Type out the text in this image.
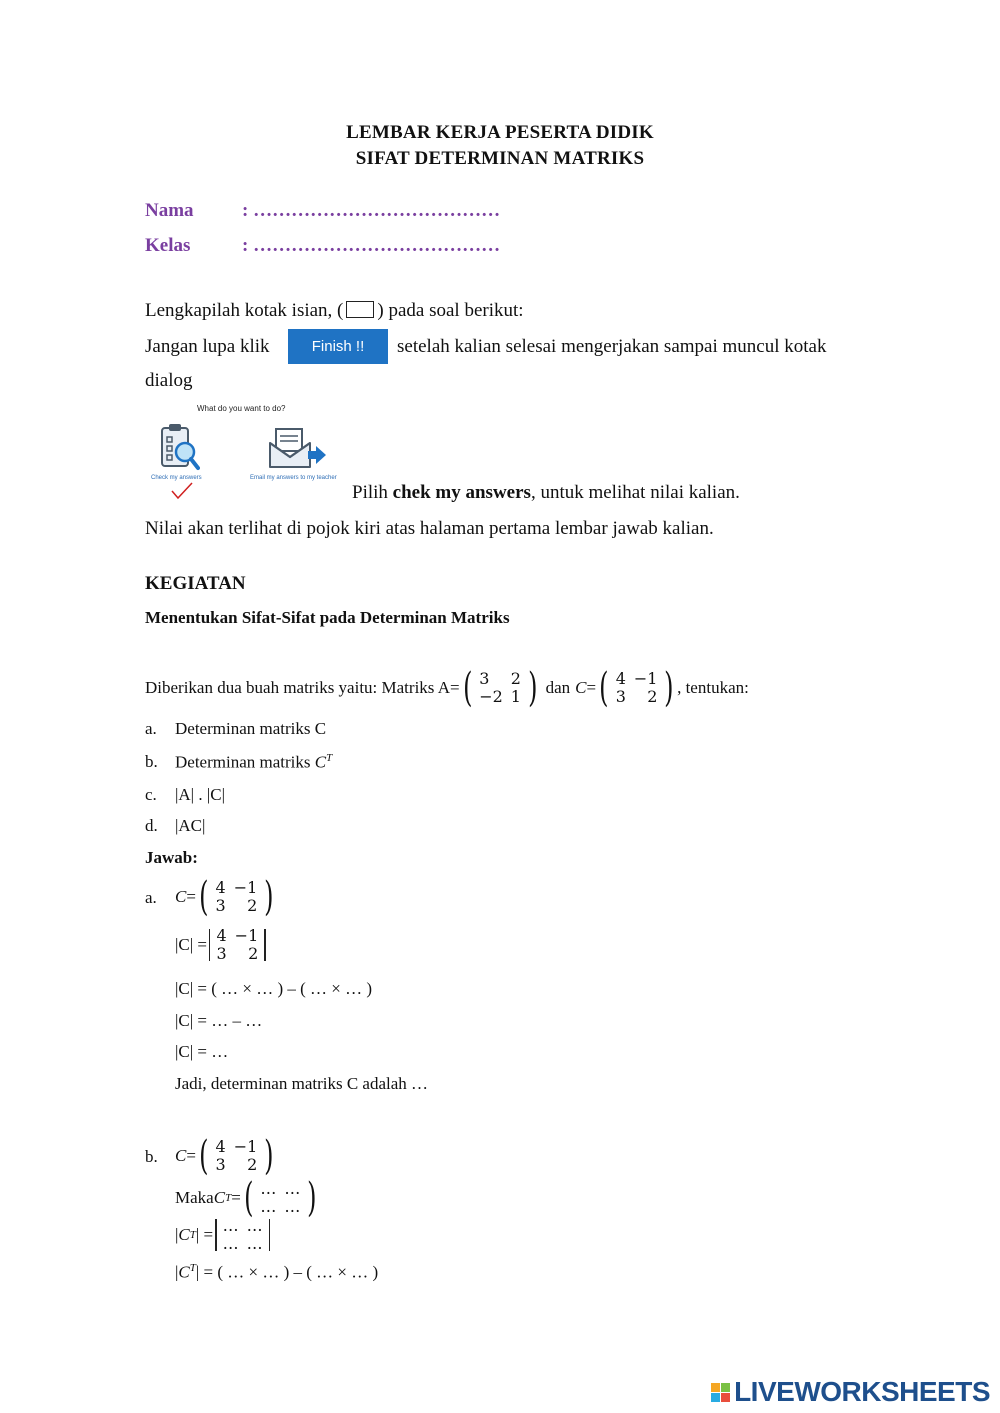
LEMBAR KERJA PESERTA DIDIK
SIFAT DETERMINAN MATRIKS
Nama	: …………………………………
Kelas	: …………………………………
Lengkapilah kotak isian, ( ) pada soal berikut:
Jangan lupa klik	Finish !!	setelah kalian selesai mengerjakan sampai muncul kotak
dialog
What do you want to do?
Check my answers	Email my answers to my teacher
Pilih chek my answers, untuk melihat nilai kalian.
Nilai akan terlihat di pojok kiri atas halaman pertama lembar jawab kalian.
KEGIATAN
Menentukan Sifat-Sifat pada Determinan Matriks
Diberikan dua buah matriks yaitu: Matriks A= ( 3	2
−2	1 ) dan C = ( 4	−1
3	2 ) , tentukan:
a. Determinan matriks C
b. Determinan matriks $C^T$
c. |A| . |C|
d. |AC|
Jawab:
a. C = ( 4	−1
3	2 )
|C| = 4	−1
3	2
|C| = ( … × … ) – ( … × … )
|C| = … – …
|C| = …
Jadi, determinan matriks C adalah …
b. C = ( 4	−1
3	2 )
Maka C T = ( …	…
…	… )
| C T | = …	…
…	…
$|C^T|$ = ( … × … ) – ( … × … )
LIVEWORKSHEETS
